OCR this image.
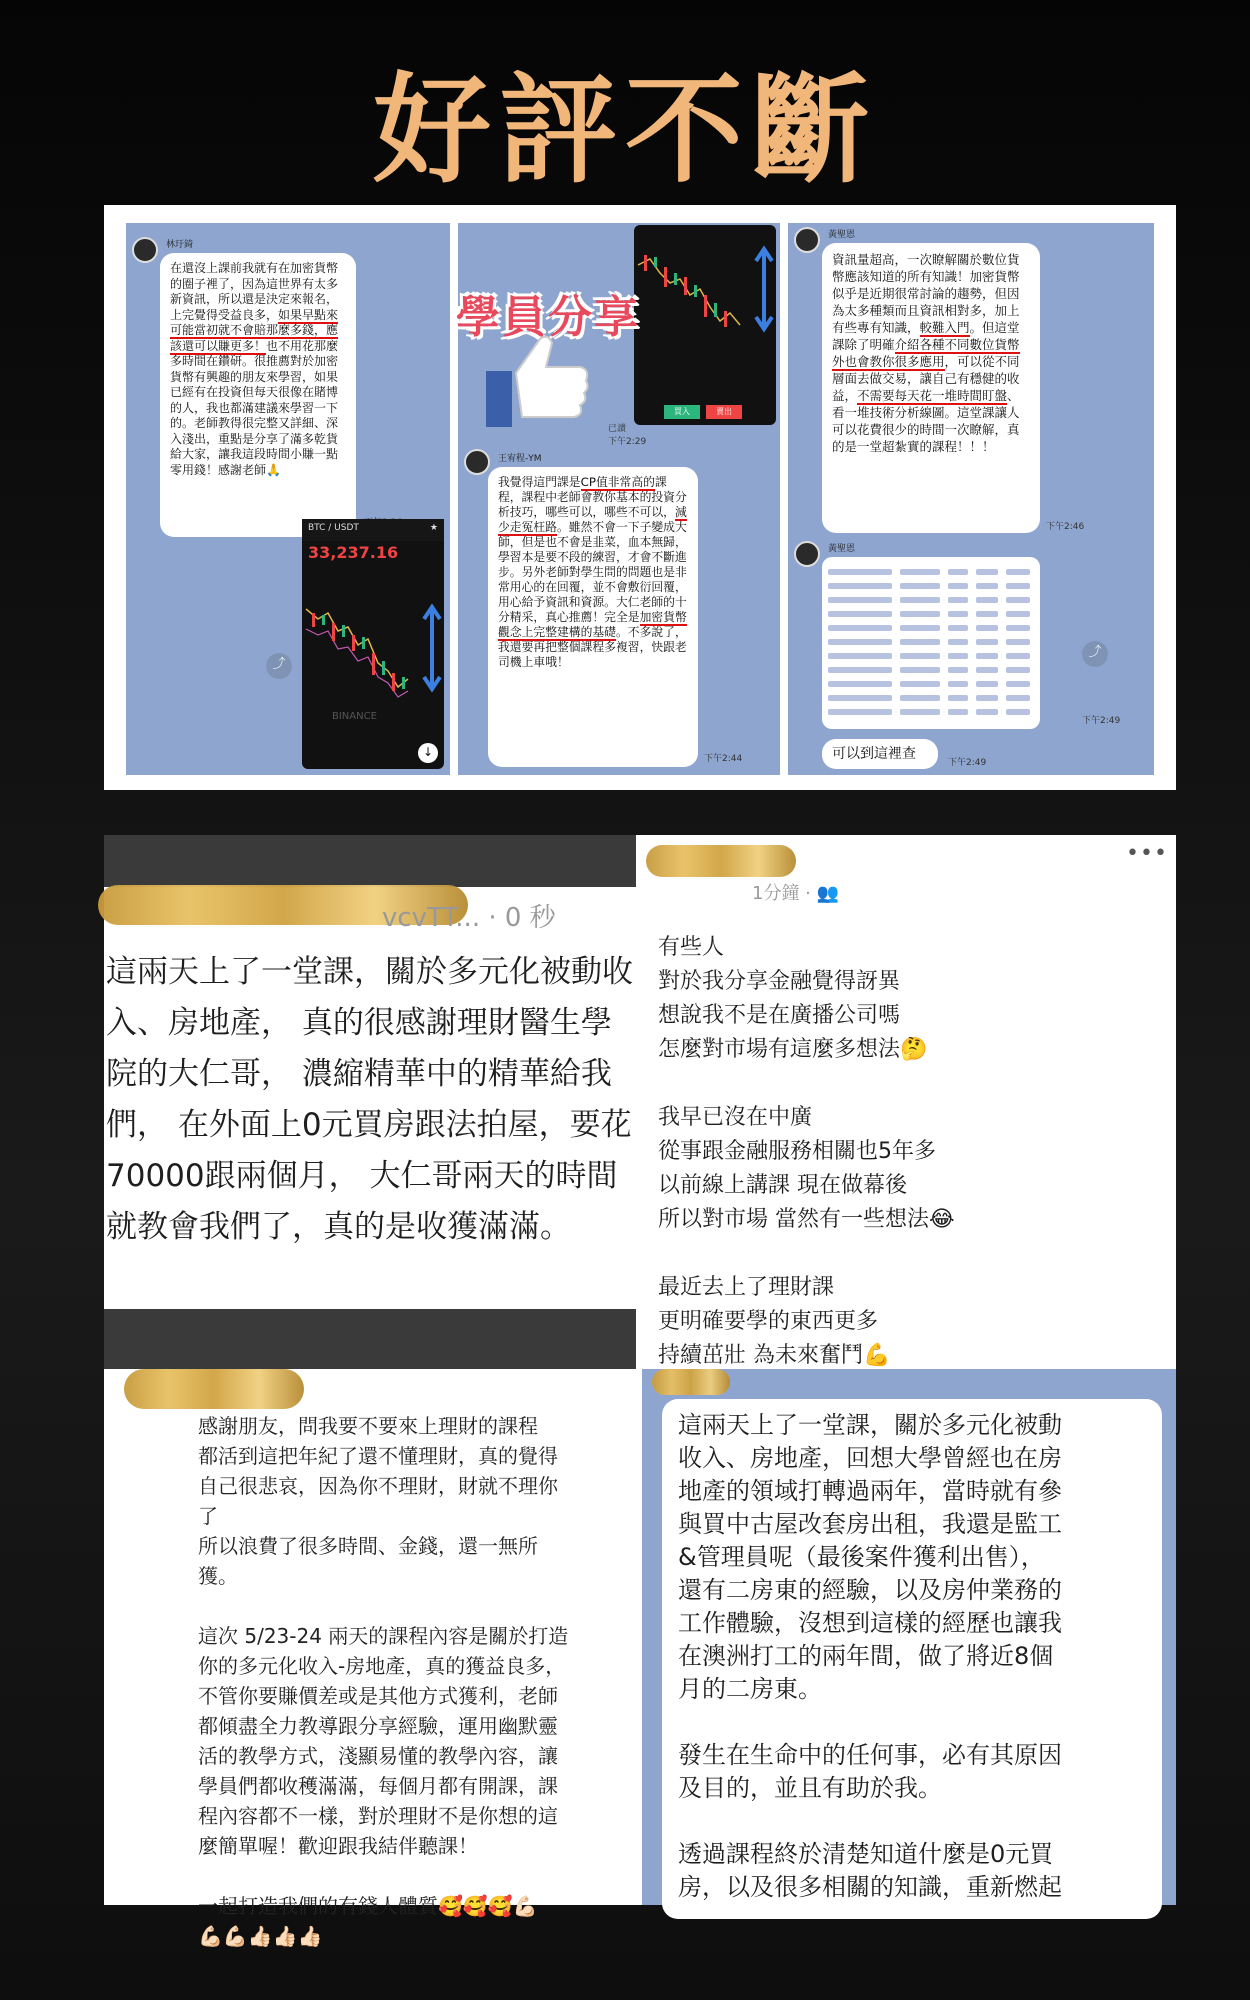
好評不斷
林玗錡
在還沒上課前我就有在加密貨幣的圈子裡了，因為這世界有太多新資訊，所以還是決定來報名，上完覺得受益良多，如果早點來可能當初就不會賠那麼多錢，應該還可以賺更多！也不用花那麼多時間在鑽研。很推薦對於加密貨幣有興趣的朋友來學習，如果已經有在投資但每天很像在賭博的人，我也都滿建議來學習一下的。老師教得很完整又詳細、深入淺出，重點是分享了滿多乾貨給大家，讓我這段時間小賺一點零用錢！感謝老師🙏
⤴
BTC / USDT	★
33,237.16
BINANCE
↓
買入	賣出
學員分享
已讀
下午2:29
王宥程-YM
我覺得這門課是CP值非常高的課程，課程中老師會教你基本的投資分析技巧，哪些可以，哪些不可以，減少走冤枉路。雖然不會一下子變成大師，但是也不會是韭菜，血本無歸，學習本是要不段的練習，才會不斷進步。另外老師對學生問的問題也是非常用心的在回覆，並不會敷衍回覆，用心給予資訊和資源。大仁老師的十分精采，真心推薦！完全是加密貨幣觀念上完整建構的基礎。不多說了，我還要再把整個課程多複習，快跟老司機上車哦！
下午2:44
黃聖恩
資訊量超高，一次瞭解關於數位貨幣應該知道的所有知識！加密貨幣似乎是近期很常討論的趨勢，但因為太多種類而且資訊相對多，加上有些專有知識，較難入門。但這堂課除了明確介紹各種不同數位貨幣外也會教你很多應用，可以從不同層面去做交易，讓自己有穩健的收益，不需要每天花一堆時間盯盤、看一堆技術分析線圖。這堂課讓人可以花費很少的時間一次瞭解，真的是一堂超紮實的課程！！！
下午2:46
黃聖恩
⤴
下午2:49
可以到這裡查
下午2:49
vcvTT... · 0 秒
這兩天上了一堂課，關於多元化被動收入、房地產， 真的很感謝理財醫生學院的大仁哥， 濃縮精華中的精華給我們， 在外面上0元買房跟法拍屋，要花70000跟兩個月， 大仁哥兩天的時間就教會我們了，真的是收獲滿滿。
1分鐘 · 👥
•••
有些人
對於我分享金融覺得訝異
想說我不是在廣播公司嗎
怎麼對市場有這麼多想法🤔
我早已沒在中廣
從事跟金融服務相關也5年多
以前線上講課 現在做幕後
所以對市場 當然有一些想法😂
最近去上了理財課
更明確要學的東西更多
持續茁壯 為未來奮鬥💪
感謝朋友，問我要不要來上理財的課程
都活到這把年紀了還不懂理財，真的覺得
自己很悲哀，因為你不理財，財就不理你
了
所以浪費了很多時間、金錢，還一無所
獲。
這次 5/23-24 兩天的課程內容是關於打造
你的多元化收入-房地產，真的獲益良多，
不管你要賺價差或是其他方式獲利，老師
都傾盡全力教導跟分享經驗，運用幽默靈
活的教學方式，淺顯易懂的教學內容，讓
學員們都收穫滿滿，每個月都有開課，課
程內容都不一樣，對於理財不是你想的這
麼簡單喔！歡迎跟我結伴聽課！
一起打造我們的有錢人體質🥰🥰🥰💪🏻
💪🏻💪🏻👍🏻👍🏻👍🏻
這兩天上了一堂課，關於多元化被動
收入、房地產，回想大學曾經也在房
地產的領域打轉過兩年，當時就有參
與買中古屋改套房出租，我還是監工
&管理員呢（最後案件獲利出售），
還有二房東的經驗，以及房仲業務的
工作體驗，沒想到這樣的經歷也讓我
在澳洲打工的兩年間，做了將近8個
月的二房東。
發生在生命中的任何事，必有其原因
及目的，並且有助於我。
透過課程終於清楚知道什麼是0元買
房，以及很多相關的知識，重新燃起
